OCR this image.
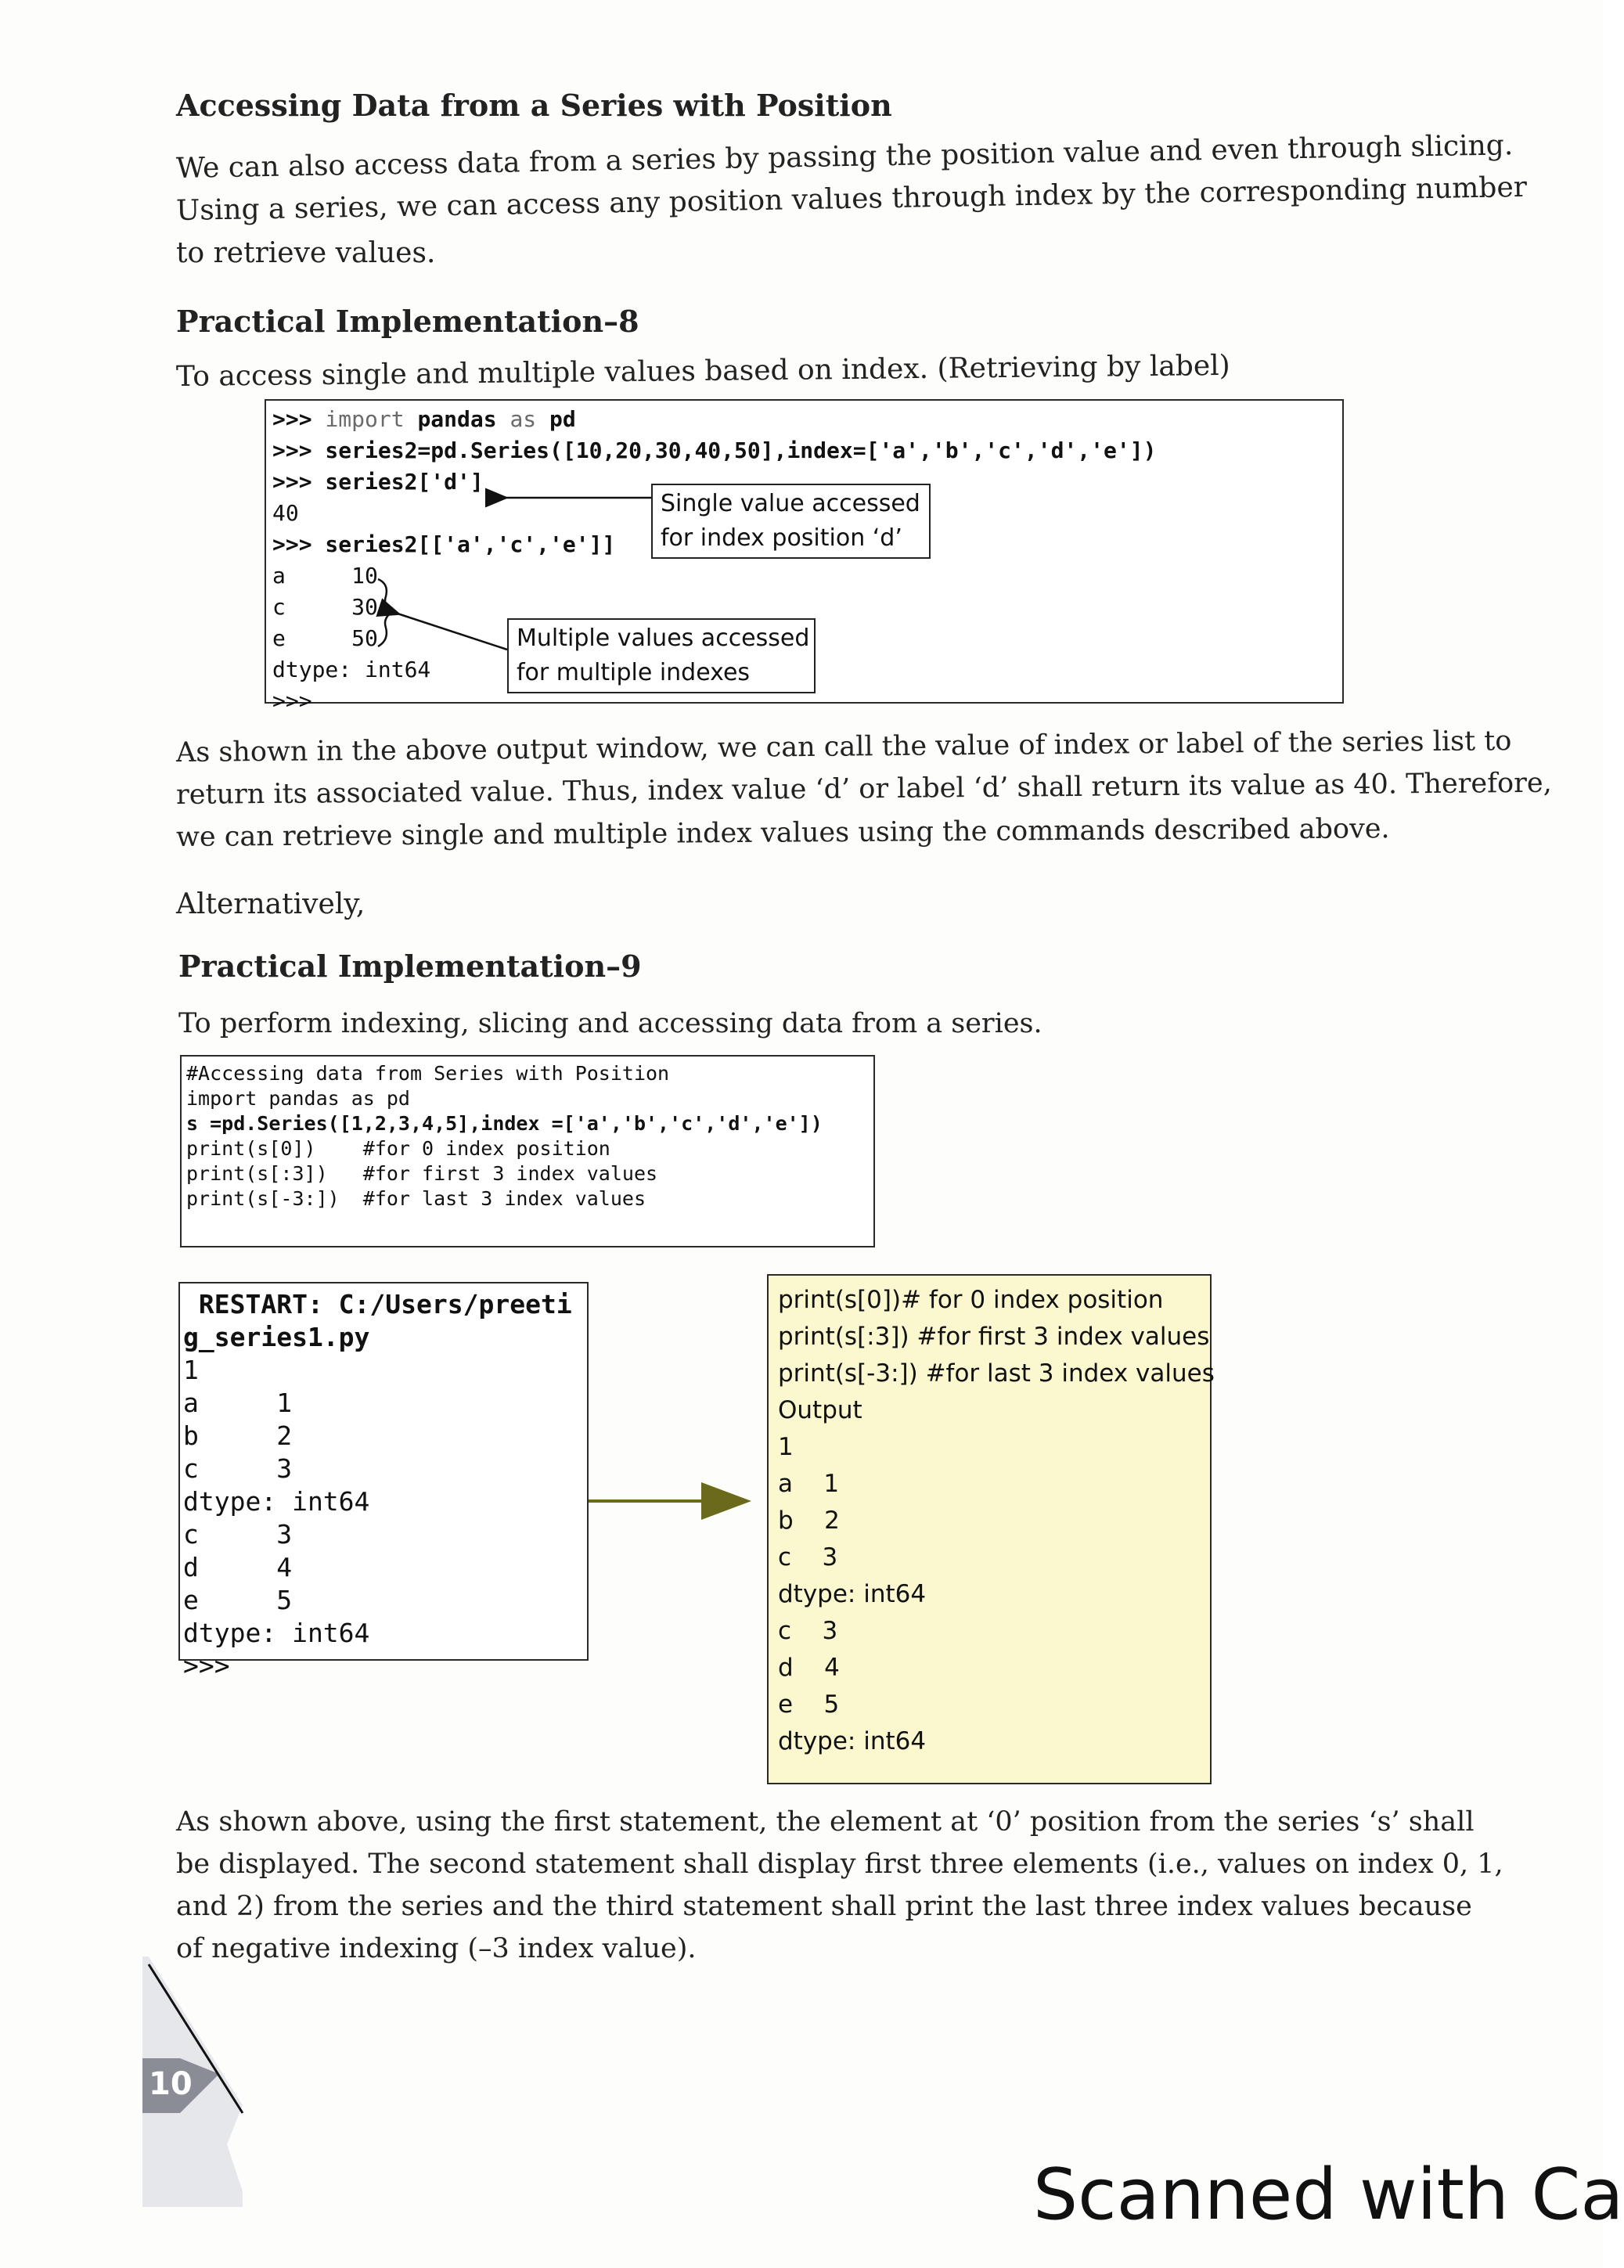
Accessing Data from a Series with Position

We can also access data from a series by passing the position value and even through slicing.

Using a series, we can access any position values through index by the corresponding number

to retrieve values.

Practical Implementation–8

To access single and multiple values based on index. (Retrieving by label)

>>> import pandas as pd
>>> series2=pd.Series([10,20,30,40,50],index=['a','b','c','d','e'])
>>> series2['d']
40
>>> series2[['a','c','e']]
a     10
c     30
e     50
dtype: int64
>>>
Single value accessed
for index position ‘d’
Multiple values accessed
for multiple indexes

As shown in the above output window, we can call the value of index or label of the series list to

return its associated value. Thus, index value ‘d’ or label ‘d’ shall return its value as 40. Therefore,

we can retrieve single and multiple index values using the commands described above.

Alternatively,

Practical Implementation–9

To perform indexing, slicing and accessing data from a series.

#Accessing data from Series with Position
import pandas as pd
s =pd.Series([1,2,3,4,5],index =['a','b','c','d','e'])
print(s[0])    #for 0 index position
print(s[:3])   #for first 3 index values
print(s[-3:])  #for last 3 index values
RESTART: C:/Users/preeti
g_series1.py
1
a     1
b     2
c     3
dtype: int64
c     3
d     4
e     5
dtype: int64
>>>
print(s[0])# for 0 index position
print(s[:3]) #for first 3 index values
print(s[-3:]) #for last 3 index values
Output
1
a    1
b    2
c    3
dtype: int64
c    3
d    4
e    5
dtype: int64

As shown above, using the first statement, the element at ‘0’ position from the series ‘s’ shall

be displayed. The second statement shall display first three elements (i.e., values on index 0, 1,

and 2) from the series and the third statement shall print the last three index values because

of negative indexing (–3 index value).

10
Scanned with Ca
